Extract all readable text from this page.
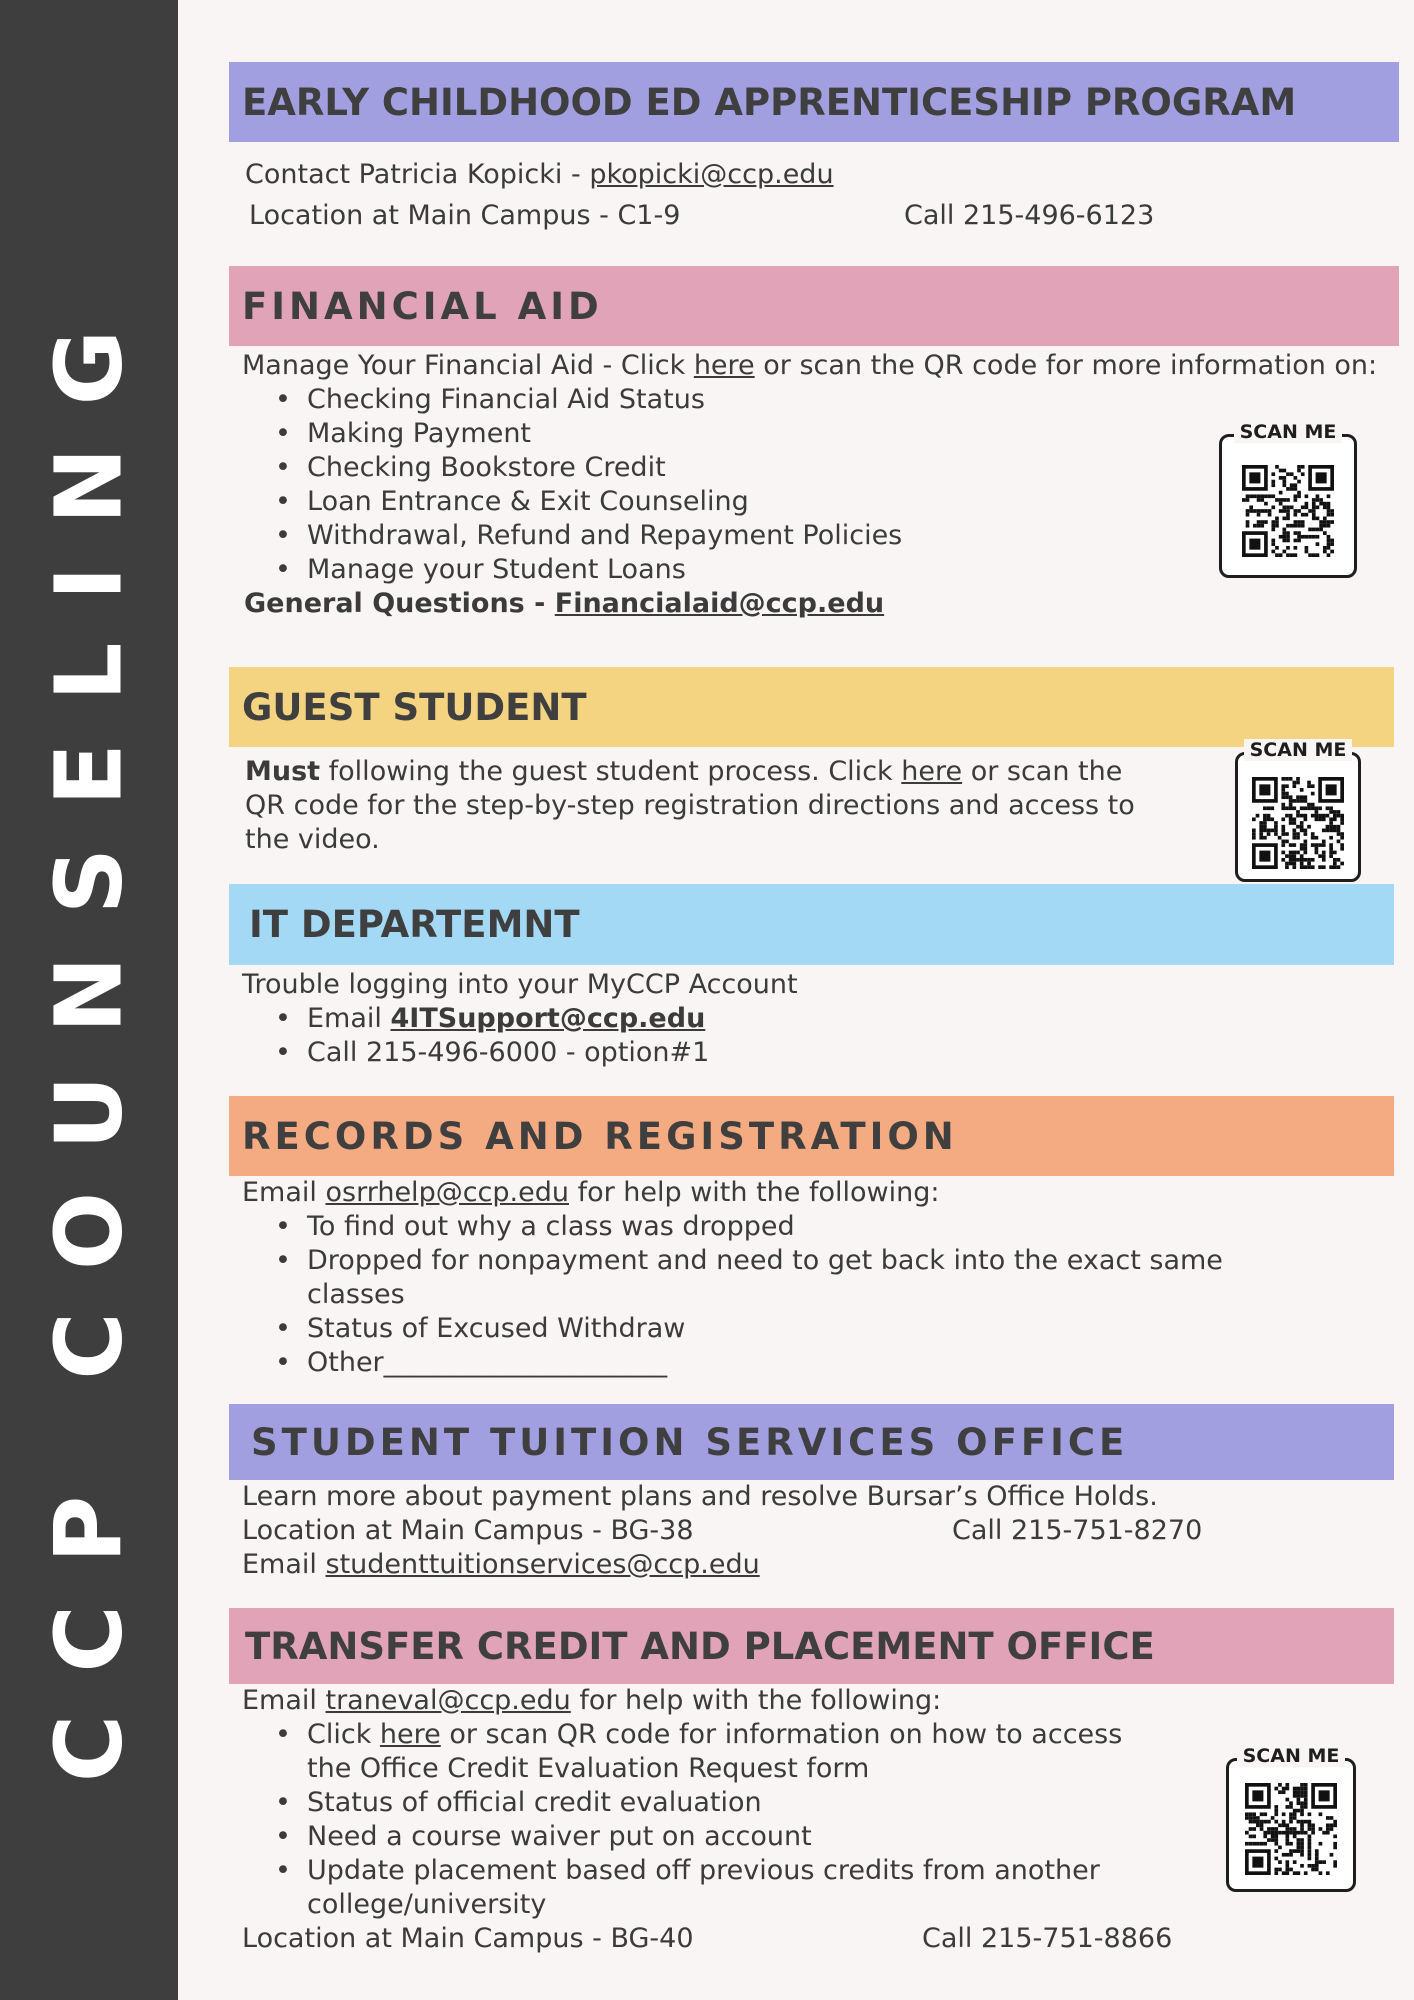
CCP COUNSELING
EARLY CHILDHOOD ED APPRENTICESHIP PROGRAM
Contact Patricia Kopicki - pkopicki@ccp.edu
Location at Main Campus - C1-9	Call 215-496-6123
FINANCIAL AID
Manage Your Financial Aid - Click here or scan the QR code for more information on:
• Checking Financial Aid Status
• Making Payment
• Checking Bookstore Credit
• Loan Entrance & Exit Counseling
• Withdrawal, Refund and Repayment Policies
• Manage your Student Loans
General Questions - Financialaid@ccp.edu
SCAN ME
GUEST STUDENT
Must following the guest student process. Click here or scan the QR code for the step-by-step registration directions and access to the video.
SCAN ME
IT DEPARTEMNT
Trouble logging into your MyCCP Account
• Email 4ITSupport@ccp.edu
• Call 215-496-6000 - option#1
RECORDS AND REGISTRATION
Email osrrhelp@ccp.edu for help with the following:
• To find out why a class was dropped
• Dropped for nonpayment and need to get back into the exact same classes
• Status of Excused Withdraw
• Other_____________________
STUDENT TUITION SERVICES OFFICE
Learn more about payment plans and resolve Bursar’s Office Holds.
Location at Main Campus - BG-38	Call 215-751-8270
Email studenttuitionservices@ccp.edu
TRANSFER CREDIT AND PLACEMENT OFFICE
Email traneval@ccp.edu for help with the following:
• Click here or scan QR code for information on how to access the Office Credit Evaluation Request form
• Status of official credit evaluation
• Need a course waiver put on account
• Update placement based off previous credits from another college/university
Location at Main Campus - BG-40	Call 215-751-8866
SCAN ME
